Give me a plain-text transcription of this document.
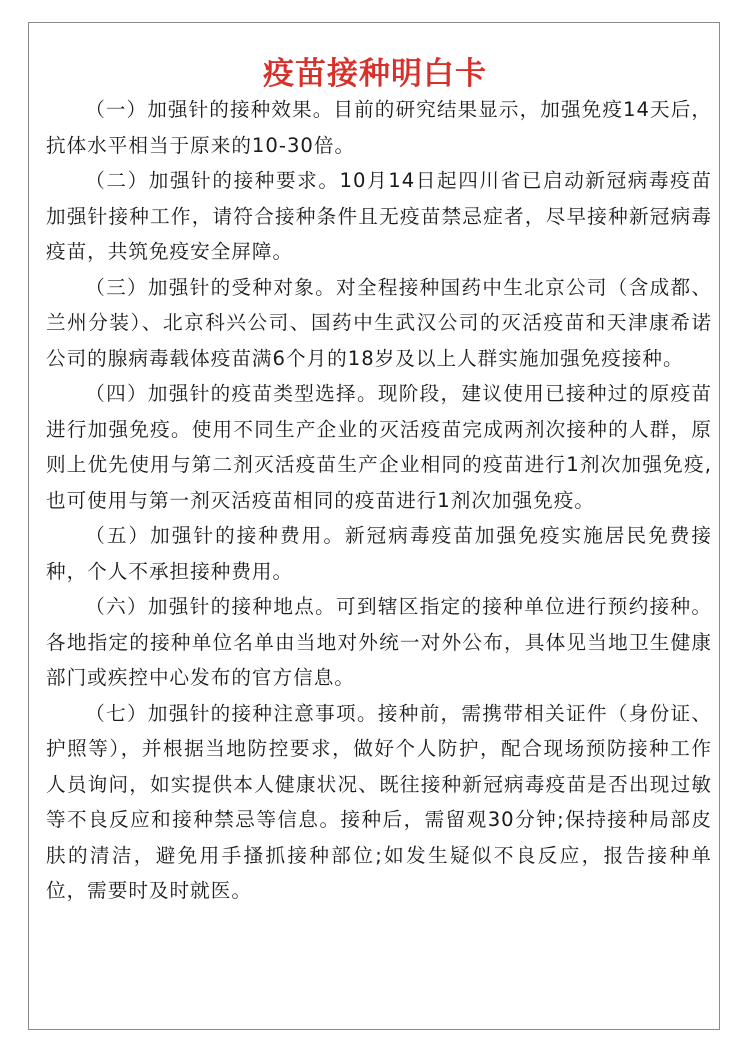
疫苗接种明白卡

（一）加强针的接种效果。目前的研究结果显示，加强免疫14天后，抗体水平相当于原来的10-30倍。

（二）加强针的接种要求。10月14日起四川省已启动新冠病毒疫苗加强针接种工作，请符合接种条件且无疫苗禁忌症者，尽早接种新冠病毒疫苗，共筑免疫安全屏障。

（三）加强针的受种对象。对全程接种国药中生北京公司（含成都、兰州分装）、北京科兴公司、国药中生武汉公司的灭活疫苗和天津康希诺公司的腺病毒载体疫苗满6个月的18岁及以上人群实施加强免疫接种。

（四）加强针的疫苗类型选择。现阶段，建议使用已接种过的原疫苗进行加强免疫。使用不同生产企业的灭活疫苗完成两剂次接种的人群，原则上优先使用与第二剂灭活疫苗生产企业相同的疫苗进行1剂次加强免疫,也可使用与第一剂灭活疫苗相同的疫苗进行1剂次加强免疫。

（五）加强针的接种费用。新冠病毒疫苗加强免疫实施居民免费接种，个人不承担接种费用。

（六）加强针的接种地点。可到辖区指定的接种单位进行预约接种。各地指定的接种单位名单由当地对外统一对外公布，具体见当地卫生健康部门或疾控中心发布的官方信息。

（七）加强针的接种注意事项。接种前，需携带相关证件（身份证、护照等），并根据当地防控要求，做好个人防护，配合现场预防接种工作人员询问，如实提供本人健康状况、既往接种新冠病毒疫苗是否出现过敏等不良反应和接种禁忌等信息。接种后，需留观30分钟;保持接种局部皮肤的清洁，避免用手搔抓接种部位;如发生疑似不良反应，报告接种单位，需要时及时就医。
